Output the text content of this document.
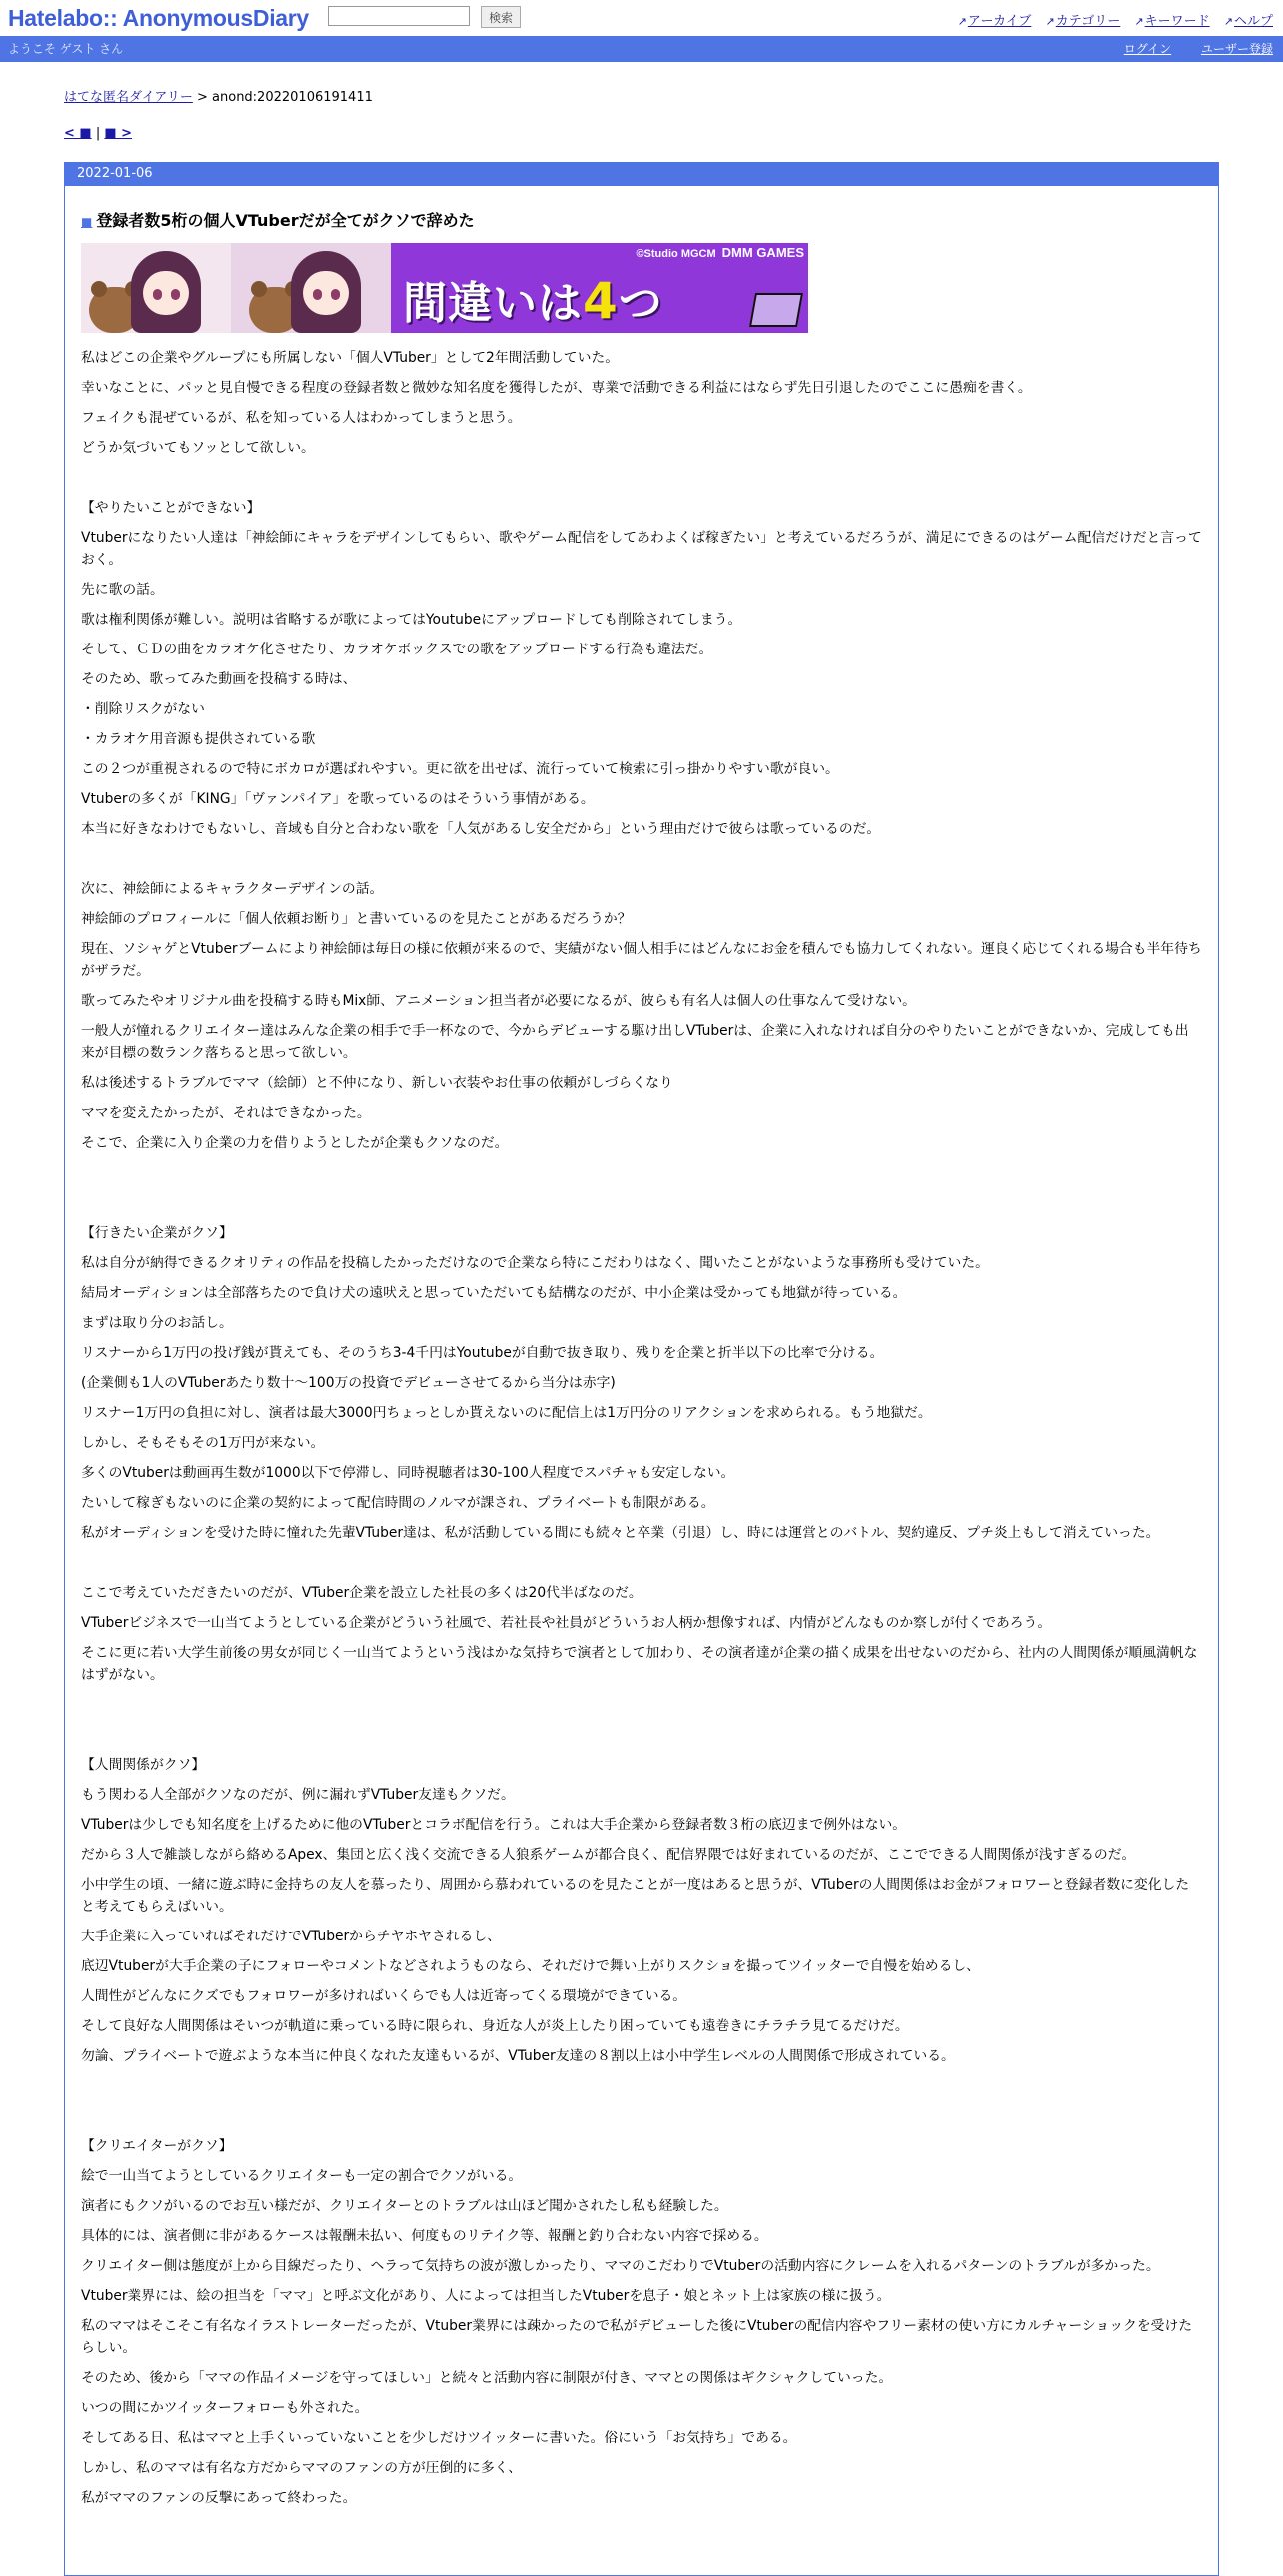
Hatelabo:: AnonymousDiary	検索	↗ アーカイブ ↗ カテゴリー ↗ キーワード ↗ ヘルプ
ようこそ ゲスト さん	ログイン ユーザー登録
はてな匿名ダイアリー > anond:20220106191411
< ■ | ■ >
2022-01-06
■ 登録者数5桁の個人VTuberだが全てがクソで辞めた
©Studio MGCM DMM GAMES
間違いは4つ

私はどこの企業やグループにも所属しない「個人VTuber」として2年間活動していた。

幸いなことに、パッと見自慢できる程度の登録者数と微妙な知名度を獲得したが、専業で活動できる利益にはならず先日引退したのでここに愚痴を書く。

フェイクも混ぜているが、私を知っている人はわかってしまうと思う。

どうか気づいてもソッとして欲しい。

【やりたいことができない】

Vtuberになりたい人達は「神絵師にキャラをデザインしてもらい、歌やゲーム配信をしてあわよくば稼ぎたい」と考えているだろうが、満足にできるのはゲーム配信だけだと言っておく。

先に歌の話。

歌は権利関係が難しい。説明は省略するが歌によってはYoutubeにアップロードしても削除されてしまう。

そして、ＣＤの曲をカラオケ化させたり、カラオケボックスでの歌をアップロードする行為も違法だ。

そのため、歌ってみた動画を投稿する時は、

・削除リスクがない

・カラオケ用音源も提供されている歌

この２つが重視されるので特にボカロが選ばれやすい。更に欲を出せば、流行っていて検索に引っ掛かりやすい歌が良い。

Vtuberの多くが「KING」「ヴァンパイア」を歌っているのはそういう事情がある。

本当に好きなわけでもないし、音域も自分と合わない歌を「人気があるし安全だから」という理由だけで彼らは歌っているのだ。

次に、神絵師によるキャラクターデザインの話。

神絵師のプロフィールに「個人依頼お断り」と書いているのを見たことがあるだろうか？

現在、ソシャゲとVtuberブームにより神絵師は毎日の様に依頼が来るので、実績がない個人相手にはどんなにお金を積んでも協力してくれない。運良く応じてくれる場合も半年待ちがザラだ。

歌ってみたやオリジナル曲を投稿する時もMix師、アニメーション担当者が必要になるが、彼らも有名人は個人の仕事なんて受けない。

一般人が憧れるクリエイター達はみんな企業の相手で手一杯なので、今からデビューする駆け出しVTuberは、企業に入れなければ自分のやりたいことができないか、完成しても出来が目標の数ランク落ちると思って欲しい。

私は後述するトラブルでママ（絵師）と不仲になり、新しい衣装やお仕事の依頼がしづらくなり

ママを変えたかったが、それはできなかった。

そこで、企業に入り企業の力を借りようとしたが企業もクソなのだ。

【行きたい企業がクソ】

私は自分が納得できるクオリティの作品を投稿したかっただけなので企業なら特にこだわりはなく、聞いたことがないような事務所も受けていた。

結局オーディションは全部落ちたので負け犬の遠吠えと思っていただいても結構なのだが、中小企業は受かっても地獄が待っている。

まずは取り分のお話し。

リスナーから1万円の投げ銭が貰えても、そのうち3-4千円はYoutubeが自動で抜き取り、残りを企業と折半以下の比率で分ける。

(企業側も1人のVTuberあたり数十～100万の投資でデビューさせてるから当分は赤字)

リスナー1万円の負担に対し、演者は最大3000円ちょっとしか貰えないのに配信上は1万円分のリアクションを求められる。もう地獄だ。

しかし、そもそもその1万円が来ない。

多くのVtuberは動画再生数が1000以下で停滞し、同時視聴者は30-100人程度でスパチャも安定しない。

たいして稼ぎもないのに企業の契約によって配信時間のノルマが課され、プライベートも制限がある。

私がオーディションを受けた時に憧れた先輩VTuber達は、私が活動している間にも続々と卒業（引退）し、時には運営とのバトル、契約違反、プチ炎上もして消えていった。

ここで考えていただきたいのだが、VTuber企業を設立した社長の多くは20代半ばなのだ。

VTuberビジネスで一山当てようとしている企業がどういう社風で、若社長や社員がどういうお人柄か想像すれば、内情がどんなものか察しが付くであろう。

そこに更に若い大学生前後の男女が同じく一山当てようという浅はかな気持ちで演者として加わり、その演者達が企業の描く成果を出せないのだから、社内の人間関係が順風満帆なはずがない。

【人間関係がクソ】

もう関わる人全部がクソなのだが、例に漏れずVTuber友達もクソだ。

VTuberは少しでも知名度を上げるために他のVTuberとコラボ配信を行う。これは大手企業から登録者数３桁の底辺まで例外はない。

だから３人で雑談しながら絡めるApex、集団と広く浅く交流できる人狼系ゲームが都合良く、配信界隈では好まれているのだが、ここでできる人間関係が浅すぎるのだ。

小中学生の頃、一緒に遊ぶ時に金持ちの友人を慕ったり、周囲から慕われているのを見たことが一度はあると思うが、VTuberの人間関係はお金がフォロワーと登録者数に変化したと考えてもらえばいい。

大手企業に入っていればそれだけでVTuberからチヤホヤされるし、

底辺Vtuberが大手企業の子にフォローやコメントなどされようものなら、それだけで舞い上がりスクショを撮ってツイッターで自慢を始めるし、

人間性がどんなにクズでもフォロワーが多ければいくらでも人は近寄ってくる環境ができている。

そして良好な人間関係はそいつが軌道に乗っている時に限られ、身近な人が炎上したり困っていても遠巻きにチラチラ見てるだけだ。

勿論、プライベートで遊ぶような本当に仲良くなれた友達もいるが、VTuber友達の８割以上は小中学生レベルの人間関係で形成されている。

【クリエイターがクソ】

絵で一山当てようとしているクリエイターも一定の割合でクソがいる。

演者にもクソがいるのでお互い様だが、クリエイターとのトラブルは山ほど聞かされたし私も経験した。

具体的には、演者側に非があるケースは報酬未払い、何度ものリテイク等、報酬と釣り合わない内容で採める。

クリエイター側は態度が上から目線だったり、ヘラって気持ちの波が激しかったり、ママのこだわりでVtuberの活動内容にクレームを入れるパターンのトラブルが多かった。

Vtuber業界には、絵の担当を「ママ」と呼ぶ文化があり、人によっては担当したVtuberを息子・娘とネット上は家族の様に扱う。

私のママはそこそこ有名なイラストレーターだったが、Vtuber業界には疎かったので私がデビューした後にVtuberの配信内容やフリー素材の使い方にカルチャーショックを受けたらしい。

そのため、後から「ママの作品イメージを守ってほしい」と続々と活動内容に制限が付き、ママとの関係はギクシャクしていった。

いつの間にかツイッターフォローも外された。

そしてある日、私はママと上手くいっていないことを少しだけツイッターに書いた。俗にいう「お気持ち」である。

しかし、私のママは有名な方だからママのファンの方が圧倒的に多く、

私がママのファンの反撃にあって終わった。
